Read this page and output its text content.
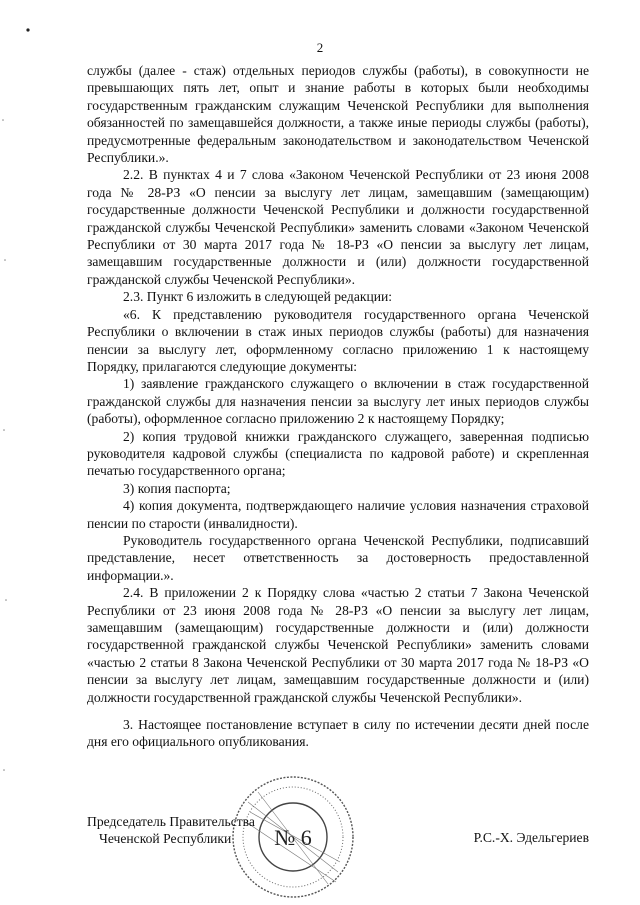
2

службы (далее - стаж) отдельных периодов службы (работы), в совокупности не превышающих пять лет, опыт и знание работы в которых были необходимы государственным гражданским служащим Чеченской Республики для выполнения обязанностей по замещавшейся должности, а также иные периоды службы (работы), предусмотренные федеральным законодательством и законодательством Чеченской Республики.».

2.2. В пунктах 4 и 7 слова «Законом Чеченской Республики от 23 июня 2008 года № 28-РЗ «О пенсии за выслугу лет лицам, замещавшим (замещающим) государственные должности Чеченской Республики и должности государственной гражданской службы Чеченской Республики» заменить словами «Законом Чеченской Республики от 30 марта 2017 года № 18-РЗ «О пенсии за выслугу лет лицам, замещавшим государственные должности и (или) должности государственной гражданской службы Чеченской Республики».

2.3. Пункт 6 изложить в следующей редакции:

«6. К представлению руководителя государственного органа Чеченской Республики о включении в стаж иных периодов службы (работы) для назначения пенсии за выслугу лет, оформленному согласно приложению 1 к настоящему Порядку, прилагаются следующие документы:

1) заявление гражданского служащего о включении в стаж государственной гражданской службы для назначения пенсии за выслугу лет иных периодов службы (работы), оформленное согласно приложению 2 к настоящему Порядку;

2) копия трудовой книжки гражданского служащего, заверенная подписью руководителя кадровой службы (специалиста по кадровой работе) и скрепленная печатью государственного органа;

3) копия паспорта;

4) копия документа, подтверждающего наличие условия назначения страховой пенсии по старости (инвалидности).

Руководитель государственного органа Чеченской Республики, подписавший представление, несет ответственность за достоверность предоставленной информации.».

2.4. В приложении 2 к Порядку слова «частью 2 статьи 7 Закона Чеченской Республики от 23 июня 2008 года № 28-РЗ «О пенсии за выслугу лет лицам, замещавшим (замещающим) государственные должности и (или) должности государственной гражданской службы Чеченской Республики» заменить словами «частью 2 статьи 8 Закона Чеченской Республики от 30 марта 2017 года № 18-РЗ «О пенсии за выслугу лет лицам, замещавшим государственные должности и (или) должности государственной гражданской службы Чеченской Республики».

3. Настоящее постановление вступает в силу по истечении десяти дней после дня его официального опубликования.

№ 6
Председатель Правительства
Чеченской Республики	Р.С.-Х. Эдельгериев
